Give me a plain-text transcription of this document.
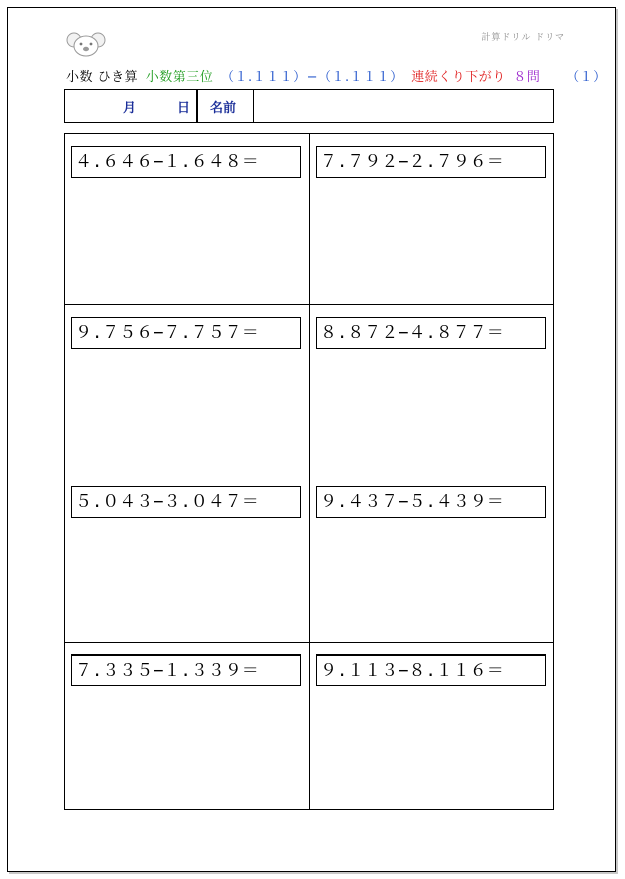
計算ドリル ドリマ
小数 ひき算 小数第三位 （１.１１１）−（１.１１１） 連続くり下がり ８問 （１）
月	日	名前
４.６４６−１.６４８＝	７.７９２−２.７９６＝
９.７５６−７.７５７＝	８.８７２−４.８７７＝
５.０４３−３.０４７＝	９.４３７−５.４３９＝
７.３３５−１.３３９＝	９.１１３−８.１１６＝
